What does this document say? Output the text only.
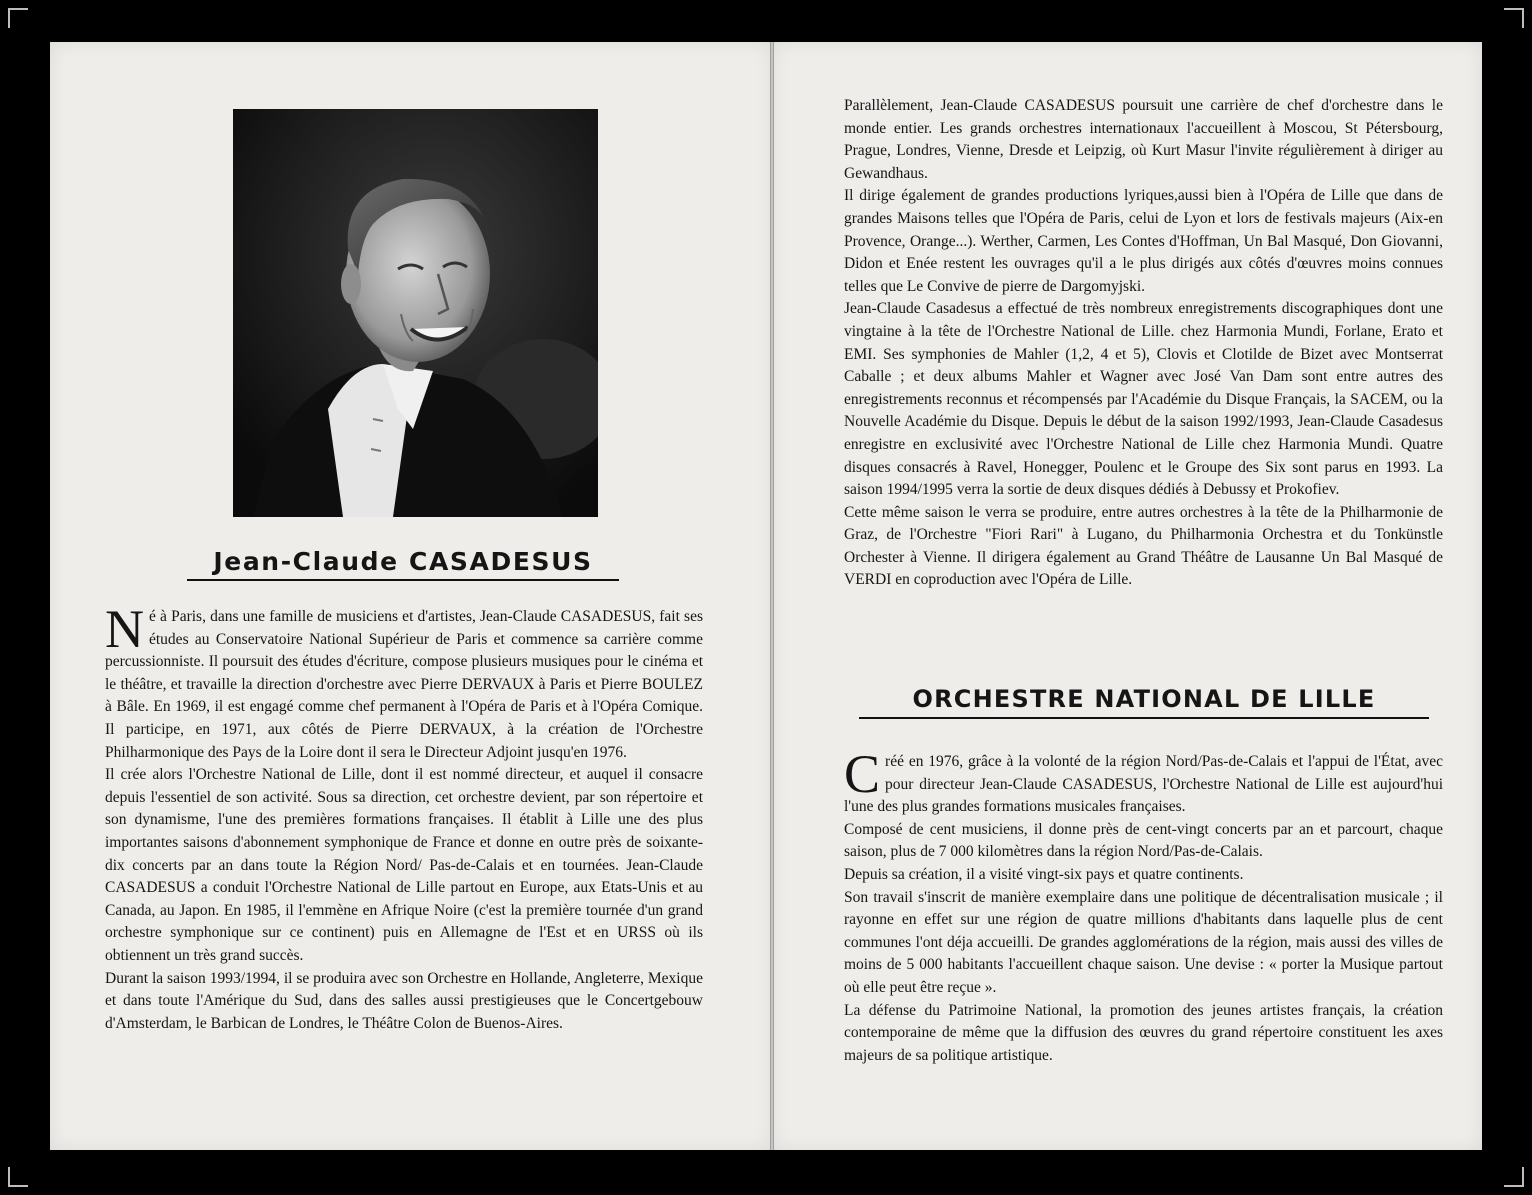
Jean-Claude CASADESUS

Né à Paris, dans une famille de musiciens et d'artistes, Jean-Claude CASADESUS, fait ses études au Conservatoire National Supérieur de Paris et commence sa carrière comme percussionniste. Il poursuit des études d'écriture, compose plusieurs musiques pour le cinéma et le théâtre, et travaille la direction d'orchestre avec Pierre DERVAUX à Paris et Pierre BOULEZ à Bâle. En 1969, il est engagé comme chef permanent à l'Opéra de Paris et à l'Opéra Comique. Il participe, en 1971, aux côtés de Pierre DERVAUX, à la création de l'Orchestre Philharmonique des Pays de la Loire dont il sera le Directeur Adjoint jusqu'en 1976.

Il crée alors l'Orchestre National de Lille, dont il est nommé directeur, et auquel il consacre depuis l'essentiel de son activité. Sous sa direction, cet orchestre devient, par son répertoire et son dynamisme, l'une des premières formations françaises. Il établit à Lille une des plus importantes saisons d'abonnement symphonique de France et donne en outre près de soixante-dix concerts par an dans toute la Région Nord/ Pas-de-Calais et en tournées. Jean-Claude CASADESUS a conduit l'Orchestre National de Lille partout en Europe, aux Etats-Unis et au Canada, au Japon. En 1985, il l'emmène en Afrique Noire (c'est la première tournée d'un grand orchestre symphonique sur ce continent) puis en Allemagne de l'Est et en URSS où ils obtiennent un très grand succès.

Durant la saison 1993/1994, il se produira avec son Orchestre en Hollande, Angleterre, Mexique et dans toute l'Amérique du Sud, dans des salles aussi prestigieuses que le Concertgebouw d'Amsterdam, le Barbican de Londres, le Théâtre Colon de Buenos-Aires.

Parallèlement, Jean-Claude CASADESUS poursuit une carrière de chef d'orchestre dans le monde entier. Les grands orchestres internationaux l'accueillent à Moscou, St Pétersbourg, Prague, Londres, Vienne, Dresde et Leipzig, où Kurt Masur l'invite régulièrement à diriger au Gewandhaus.

Il dirige également de grandes productions lyriques,aussi bien à l'Opéra de Lille que dans de grandes Maisons telles que l'Opéra de Paris, celui de Lyon et lors de festivals majeurs (Aix-en Provence, Orange...). Werther, Carmen, Les Contes d'Hoffman, Un Bal Masqué, Don Giovanni, Didon et Enée restent les ouvrages qu'il a le plus dirigés aux côtés d'œuvres moins connues telles que Le Convive de pierre de Dargomyjski.

Jean-Claude Casadesus a effectué de très nombreux enregistrements discographiques dont une vingtaine à la tête de l'Orchestre National de Lille. chez Harmonia Mundi, Forlane, Erato et EMI. Ses symphonies de Mahler (1,2, 4 et 5), Clovis et Clotilde de Bizet avec Montserrat Caballe ; et deux albums Mahler et Wagner avec José Van Dam sont entre autres des enregistrements reconnus et récompensés par l'Académie du Disque Français, la SACEM, ou la Nouvelle Académie du Disque. Depuis le début de la saison 1992/1993, Jean-Claude Casadesus enregistre en exclusivité avec l'Orchestre National de Lille chez Harmonia Mundi. Quatre disques consacrés à Ravel, Honegger, Poulenc et le Groupe des Six sont parus en 1993. La saison 1994/1995 verra la sortie de deux disques dédiés à Debussy et Prokofiev.

Cette même saison le verra se produire, entre autres orchestres à la tête de la Philharmonie de Graz, de l'Orchestre "Fiori Rari" à Lugano, du Philharmonia Orchestra et du Tonkünstle Orchester à Vienne. Il dirigera également au Grand Théâtre de Lausanne Un Bal Masqué de VERDI en coproduction avec l'Opéra de Lille.

ORCHESTRE NATIONAL DE LILLE

Créé en 1976, grâce à la volonté de la région Nord/Pas-de-Calais et l'appui de l'État, avec pour directeur Jean-Claude CASADESUS, l'Orchestre National de Lille est aujourd'hui l'une des plus grandes formations musicales françaises.

Composé de cent musiciens, il donne près de cent-vingt concerts par an et parcourt, chaque saison, plus de 7 000 kilomètres dans la région Nord/Pas-de-Calais.

Depuis sa création, il a visité vingt-six pays et quatre continents.

Son travail s'inscrit de manière exemplaire dans une politique de décentralisation musicale ; il rayonne en effet sur une région de quatre millions d'habitants dans laquelle plus de cent communes l'ont déja accueilli. De grandes agglomérations de la région, mais aussi des villes de moins de 5 000 habitants l'accueillent chaque saison. Une devise : « porter la Musique partout où elle peut être reçue ».

La défense du Patrimoine National, la promotion des jeunes artistes français, la création contemporaine de même que la diffusion des œuvres du grand répertoire constituent les axes majeurs de sa politique artistique.
